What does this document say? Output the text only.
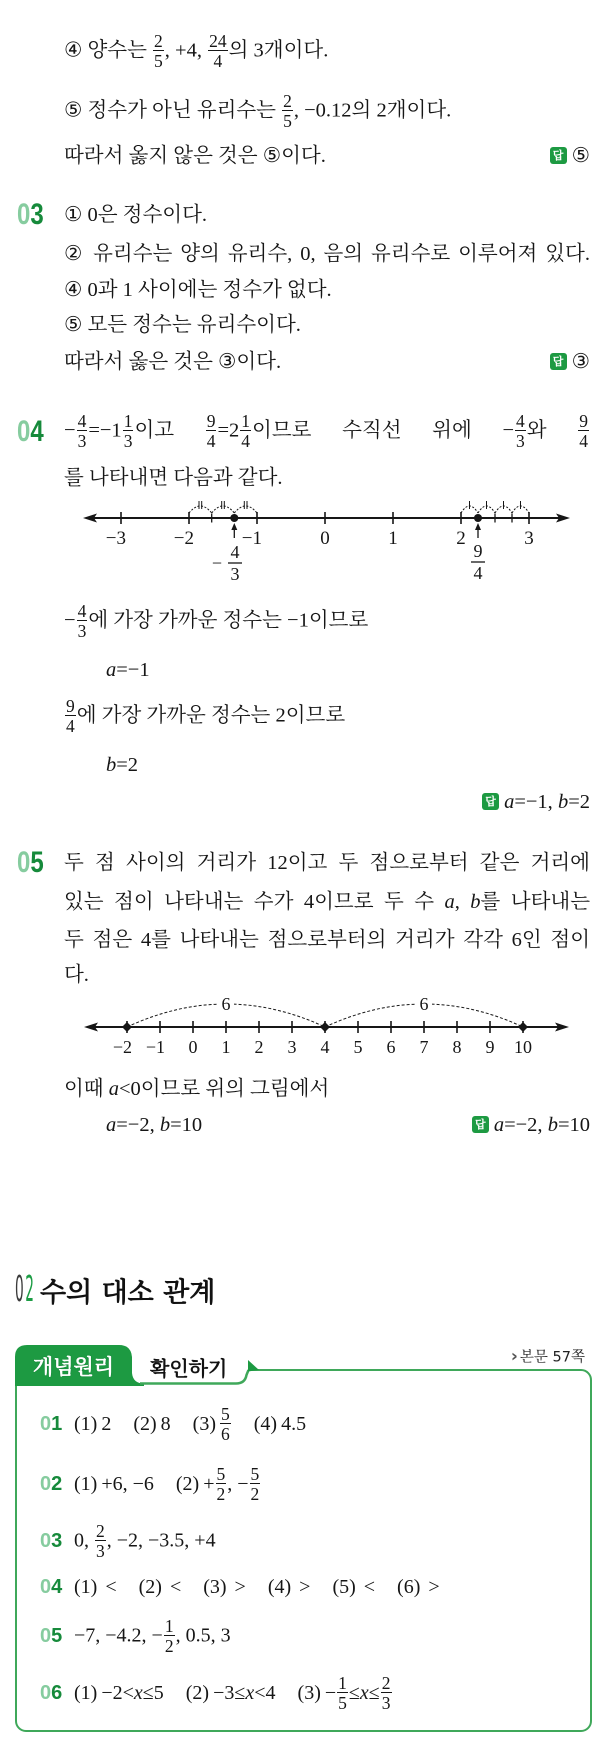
④ 양수는 $\frac{2}{5}$ , +4, $\frac{24}{4}$ 의 3개이다.
⑤ 정수가 아닌 유리수는 $\frac{2}{5}$ , −0.12의 2개이다.
따라서 옳지 않은 것은 ⑤이다.	답 ⑤
03 ① 0은 정수이다.
② 유리수는 양의 유리수, 0, 음의 유리수로 이루어져 있다.
④ 0과 1 사이에는 정수가 없다.
⑤ 모든 정수는 유리수이다.
따라서 옳은 것은 ③이다.	답 ③
$04 - \frac{4}{3} =-1 \frac{1}{3}$ 이고 $\frac{9}{4} =2 \frac{1}{4}$ 이므로 수직선 위에 − $\frac{4}{3}$ 와 $\frac{9}{4}$
를 나타내면 다음과 같다.
−3	−2	−1	0	1	2	3
−
4
3
9
4
− $\frac{4}{3}$ 에 가장 가까운 정수는 −1이므로
a=−1
$\frac{9}{4}$ 에 가장 가까운 정수는 2이므로
b=2
답 a=−1, b=2
05 두 점 사이의 거리가 12이고 두 점으로부터 같은 거리에
있는 점이 나타내는 수가 4이므로 두 수 a, b를 나타내는
두 점은 4를 나타내는 점으로부터의 거리가 각각 6인 점이
다.
6	6
−2 −1 0 1 2 3 4 5 6 7 8 9 10
이때 a<0이므로 위의 그림에서
a=−2, b=10	답 a=−2, b=10
02 수의 대소 관계
개념원리	확인하기	› 본문 57쪽
01 (1) 2 (2) 8 $(3) \frac{5}{6} (4)$ 4.5
02 (1) +6, −6 $(2) + \frac{5}{2}$ , − $\frac{5}{2}$
03 0, $\frac{2}{3}$ , −2, −3.5, +4
04 (1) < (2) < (3) > (4) > (5) < (6) >
05 −7, −4.2, − $\frac{1}{2}$ , 0.5, 3
06 (1) −2<x≤5 (2) −3≤x<4 $(3) - \frac{1}{5} \le x\le \frac{2}{3}$
